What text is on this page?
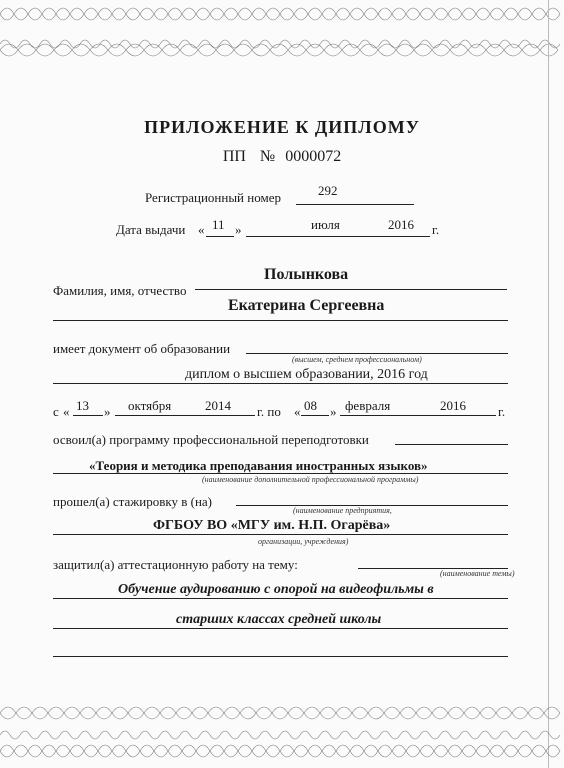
ПРИЛОЖЕНИЕ К ДИПЛОМУ
ПП № 0000072
Регистрационный номер	292
Дата выдачи « 11 »	июля	2016 г.
Фамилия, имя, отчество
Полынкова
Екатерина Сергеевна
имеет документ об образовании
(высшем, среднем профессиональном)
диплом о высшем образовании, 2016 год
с « 13 » октября	2014 г. по « 08 » февраля	2016 г.
освоил(а) программу профессиональной переподготовки
«Теория и методика преподавания иностранных языков»
(наименование дополнительной профессиональной программы)
прошел(а) стажировку в (на)
(наименование предприятия,
ФГБОУ ВО «МГУ им. Н.П. Огарёва»
организации, учреждения)
защитил(а) аттестационную работу на тему:
(наименование темы)
Обучение аудированию с опорой на видеофильмы в
старших классах средней школы
